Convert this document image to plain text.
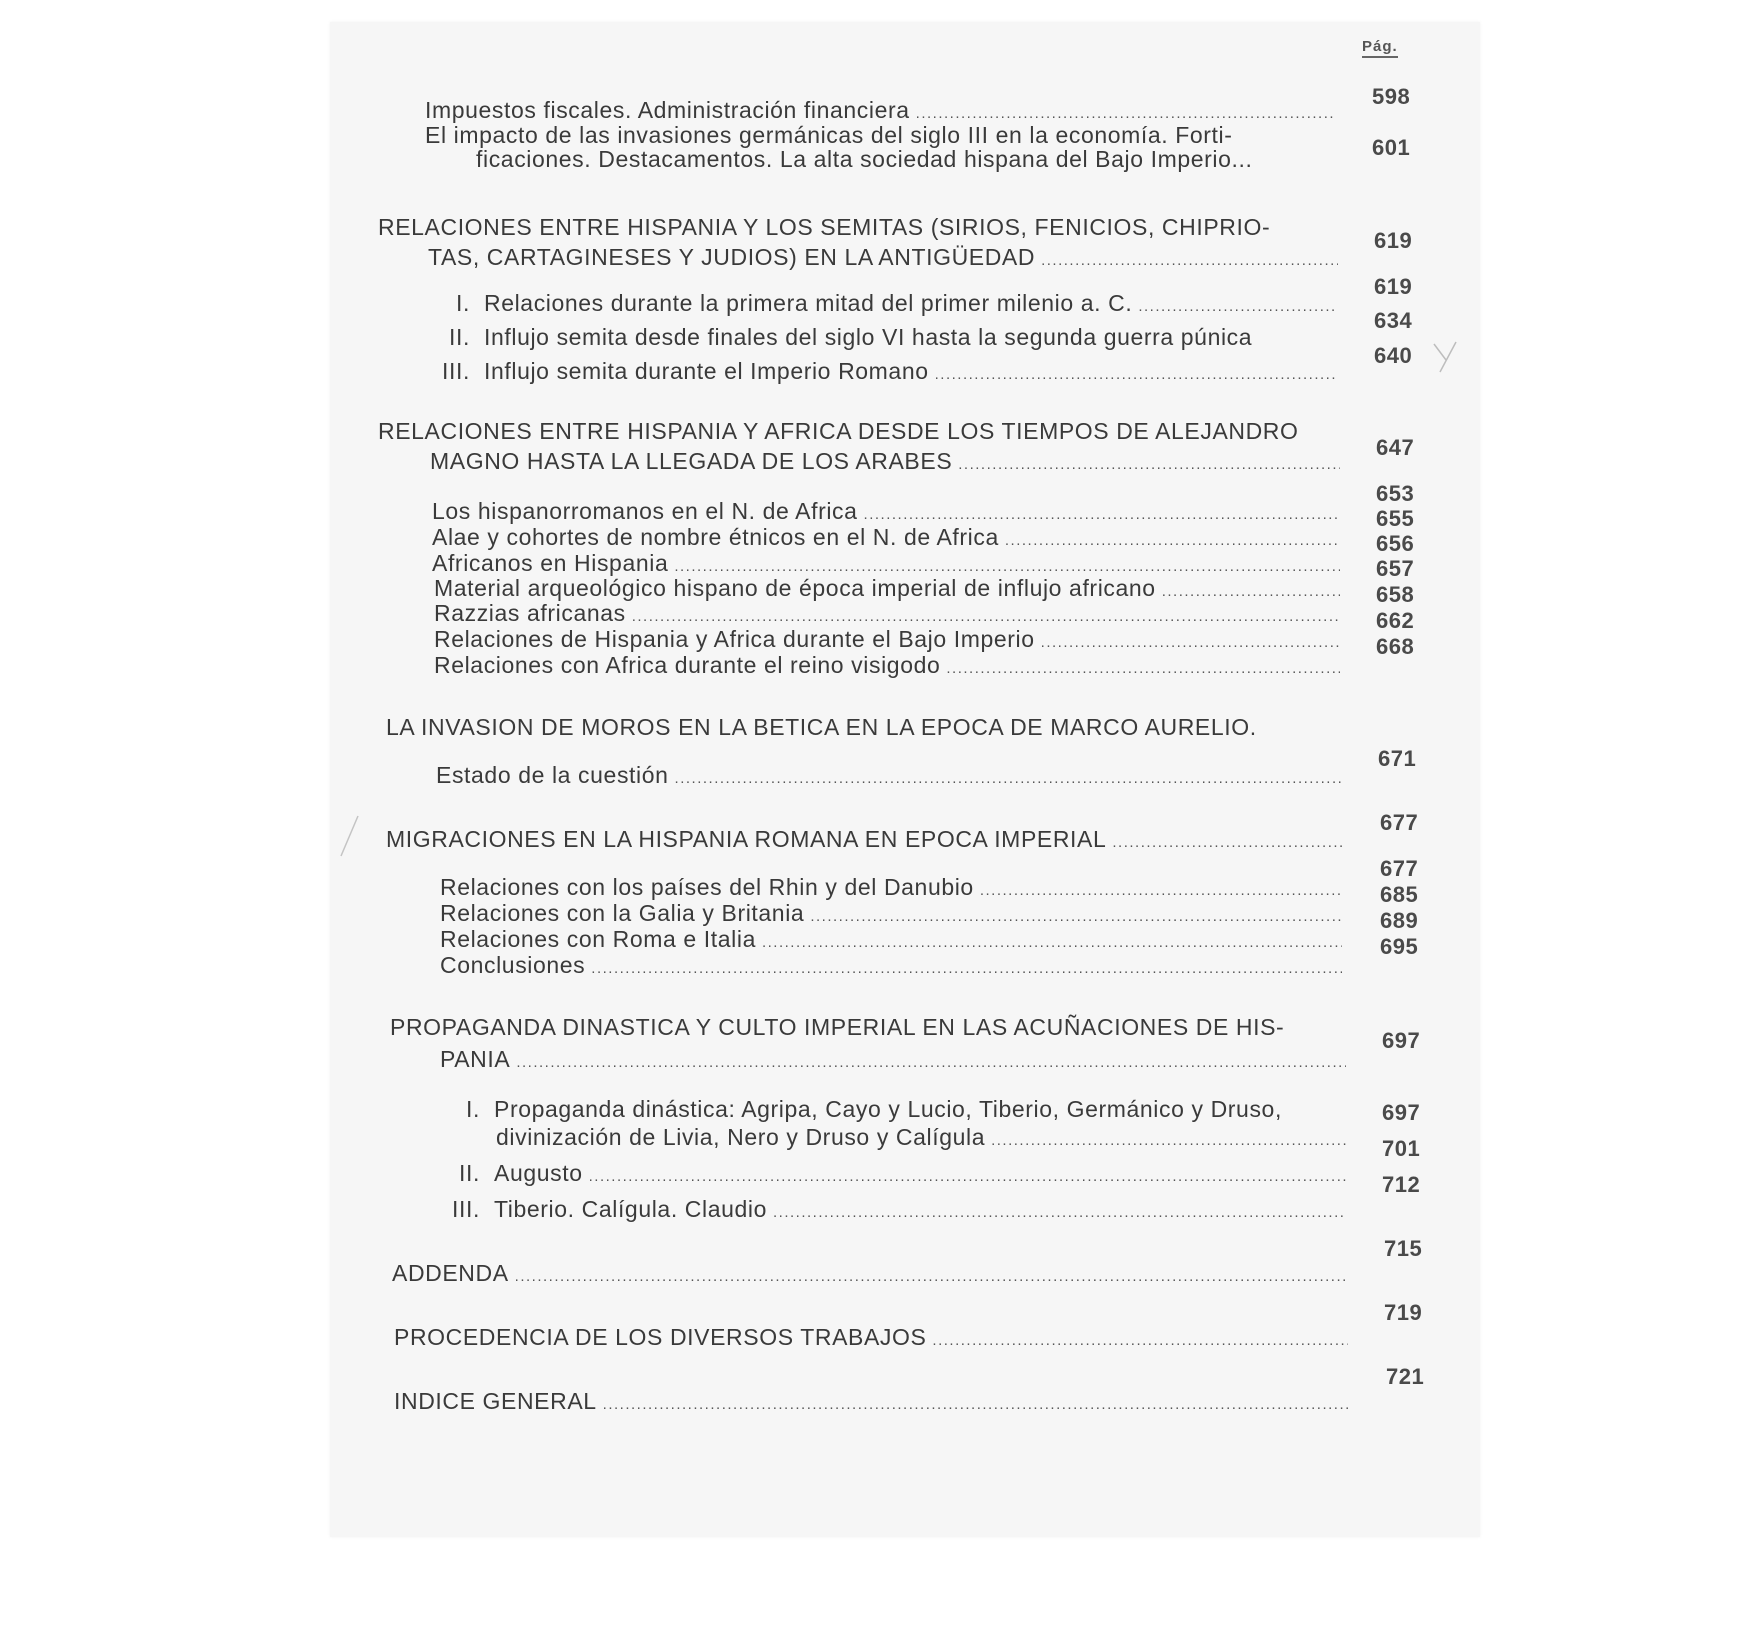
Pág.
Impuestos fiscales. Administración financiera
.....
598
El impacto de las invasiones germánicas del siglo III en la economía. Forti-
ficaciones. Destacamentos. La alta sociedad hispana del Bajo Imperio...	601
RELACIONES ENTRE HISPANIA Y LOS SEMITAS (SIRIOS, FENICIOS, CHIPRIO-
TAS, CARTAGINESES Y JUDIOS) EN LA ANTIGÜEDAD
.....
619
I. Relaciones durante la primera mitad del primer milenio a. C.
.....
619
II. Influjo semita desde finales del siglo VI hasta la segunda guerra púnica
634
III. Influjo semita durante el Imperio Romano
.....
640
RELACIONES ENTRE HISPANIA Y AFRICA DESDE LOS TIEMPOS DE ALEJANDRO
MAGNO HASTA LA LLEGADA DE LOS ARABES
.....
647
Los hispanorromanos en el N. de Africa
.....
653
Alae y cohortes de nombre étnicos en el N. de Africa
.....
655
Africanos en Hispania
.....
656
Material arqueológico hispano de época imperial de influjo africano
.....
657
Razzias africanas
.....
658
Relaciones de Hispania y Africa durante el Bajo Imperio
.....
662
Relaciones con Africa durante el reino visigodo
.....
668
LA INVASION DE MOROS EN LA BETICA EN LA EPOCA DE MARCO AURELIO.
Estado de la cuestión
.....
671
MIGRACIONES EN LA HISPANIA ROMANA EN EPOCA IMPERIAL
.....
677
Relaciones con los países del Rhin y del Danubio
.....
677
Relaciones con la Galia y Britania
.....
685
Relaciones con Roma e Italia
.....
689
Conclusiones
.....
695
PROPAGANDA DINASTICA Y CULTO IMPERIAL EN LAS ACUÑACIONES DE HIS-
PANIA
.....
697
I. Propaganda dinástica: Agripa, Cayo y Lucio, Tiberio, Germánico y Druso,
divinización de Livia, Nero y Druso y Calígula
.....
697
II. Augusto
.....
701
III. Tiberio. Calígula. Claudio
.....
712
ADDENDA
.....
715
PROCEDENCIA DE LOS DIVERSOS TRABAJOS
.....
719
INDICE GENERAL
.....
721
